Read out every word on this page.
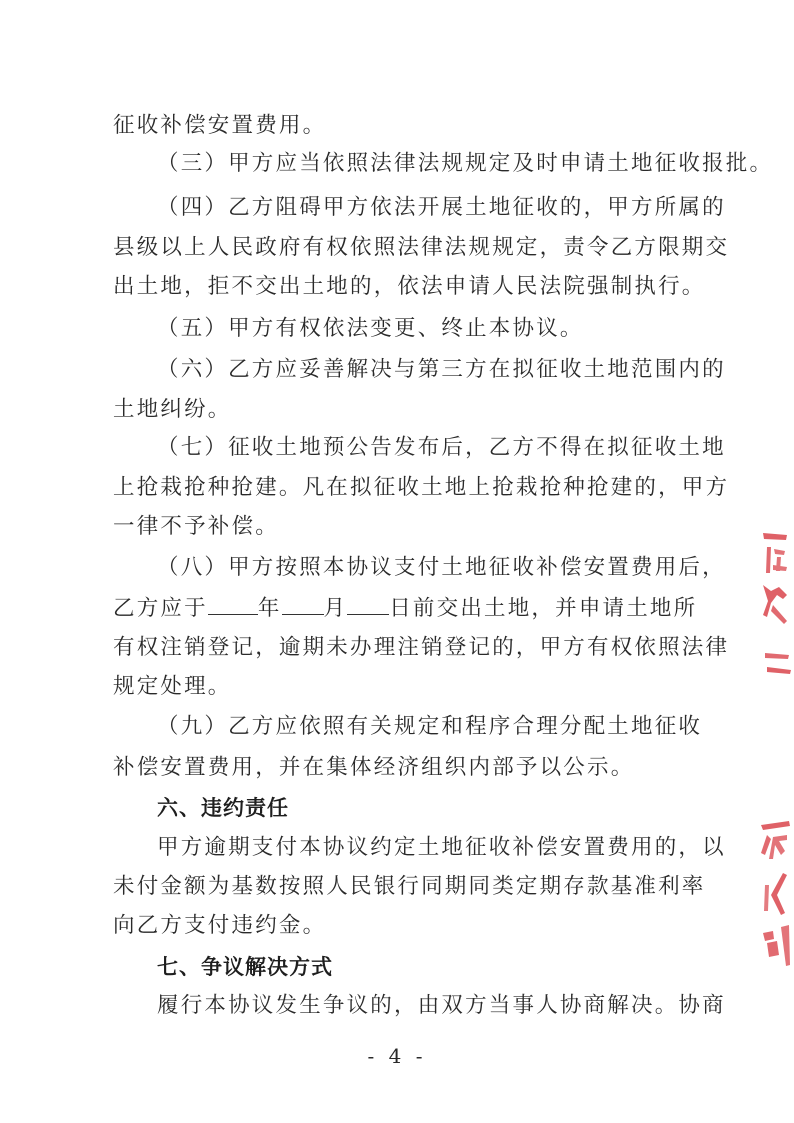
征收补偿安置费用。
（三）甲方应当依照法律法规规定及时申请土地征收报批。
（四）乙方阻碍甲方依法开展土地征收的，甲方所属的
县级以上人民政府有权依照法律法规规定，责令乙方限期交
出土地，拒不交出土地的，依法申请人民法院强制执行。
（五）甲方有权依法变更、终止本协议。
（六）乙方应妥善解决与第三方在拟征收土地范围内的
土地纠纷。
（七）征收土地预公告发布后，乙方不得在拟征收土地
上抢栽抢种抢建。凡在拟征收土地上抢栽抢种抢建的，甲方
一律不予补偿。
（八）甲方按照本协议支付土地征收补偿安置费用后，
乙方应于 年 月 日前交出土地，并申请土地所
有权注销登记，逾期未办理注销登记的，甲方有权依照法律
规定处理。
（九）乙方应依照有关规定和程序合理分配土地征收
补偿安置费用，并在集体经济组织内部予以公示。
六、违约责任
甲方逾期支付本协议约定土地征收补偿安置费用的，以
未付金额为基数按照人民银行同期同类定期存款基准利率
向乙方支付违约金。
七、争议解决方式
履行本协议发生争议的，由双方当事人协商解决。协商
- 4 -
